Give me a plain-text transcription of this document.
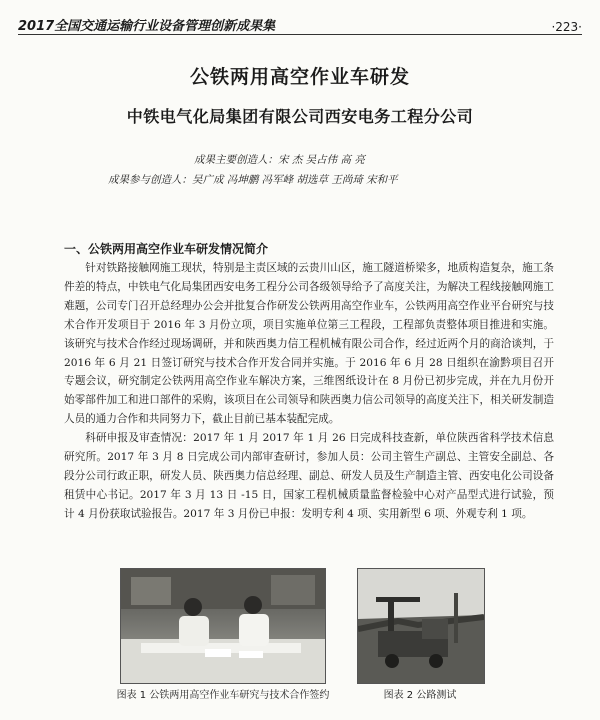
2017全国交通运输行业设备管理创新成果集	·223·
公铁两用高空作业车研发
中铁电气化局集团有限公司西安电务工程分公司
成果主要创造人：宋 杰 吴占伟 高 亮
成果参与创造人：吴广成 冯坤鹏 冯军峰 胡选草 王尚琦 宋和平
一、公铁两用高空作业车研发情况简介

针对铁路接触网施工现状，特别是主责区域的云贵川山区，施工隧道桥梁多，地质构造复杂，施工条件差的特点，中铁电气化局集团西安电务工程分公司各级领导给予了高度关注，为解决工程线接触网施工难题，公司专门召开总经理办公会并批复合作研发公铁两用高空作业车，公铁两用高空作业平台研究与技术合作开发项目于 2016 年 3 月份立项，项目实施单位第三工程段，工程部负责整体项目推进和实施。该研究与技术合作经过现场调研，并和陕西奥力信工程机械有限公司合作，经过近两个月的商洽谈判，于 2016 年 6 月 21 日签订研究与技术合作开发合同并实施。于 2016 年 6 月 28 日组织在渝黔项目召开专题会议，研究制定公铁两用高空作业车解决方案，三维图纸设计在 8 月份已初步完成，并在九月份开始零部件加工和进口部件的采购，该项目在公司领导和陕西奥力信公司领导的高度关注下，相关研发制造人员的通力合作和共同努力下，截止目前已基本装配完成。

科研申报及审查情况：2017 年 1 月 2017 年 1 月 26 日完成科技查新，单位陕西省科学技术信息研究所。2017 年 3 月 8 日完成公司内部审查研讨，参加人员：公司主管生产副总、主管安全副总、各段分公司行政正职，研发人员、陕西奥力信总经理、副总、研发人员及生产制造主管、西安电化公司设备租赁中心书记。2017 年 3 月 13 日 -15 日，国家工程机械质量监督检验中心对产品型式进行试验，预计 4 月份获取试验报告。2017 年 3 月份已申报：发明专利 4 项、实用新型 6 项、外观专利 1 项。

图表 1 公铁两用高空作业车研究与技术合作签约	图表 2 公路测试
